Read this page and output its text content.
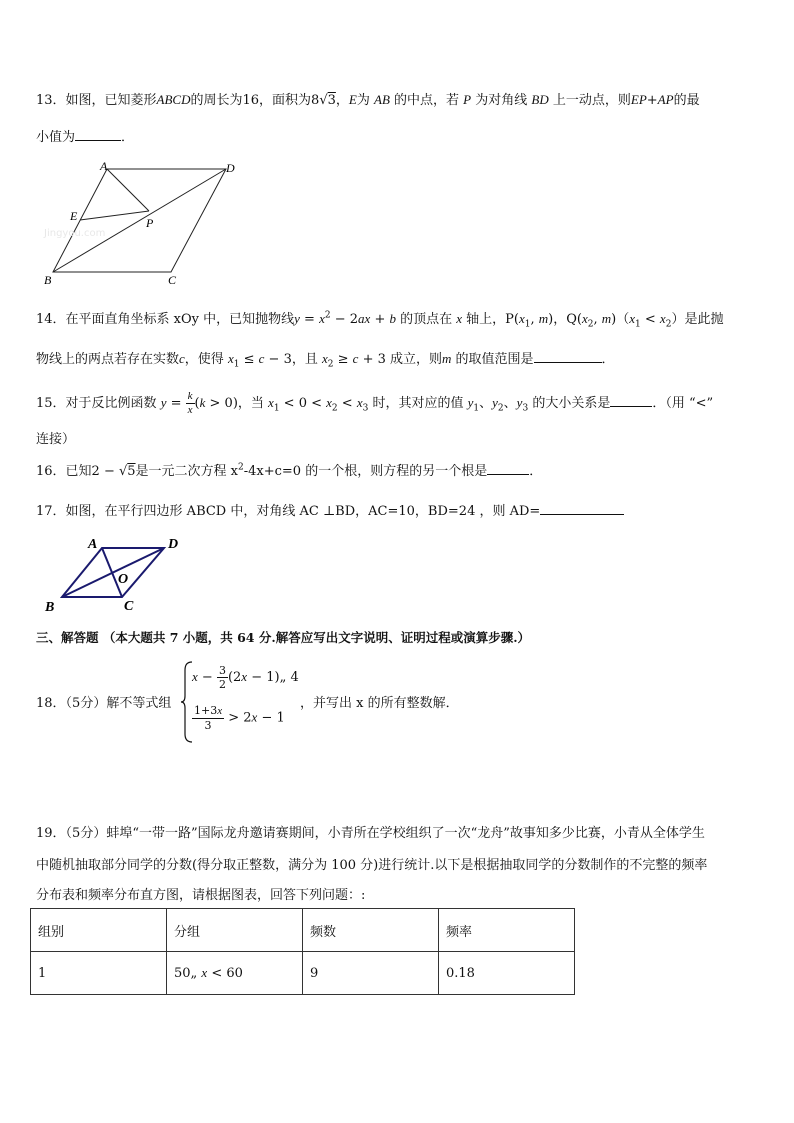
13．如图，已知菱形ABCD的周长为16，面积为8√3，E为 AB 的中点，若 P 为对角线 BD 上一动点，则EP+AP的最
小值为	．
A	D
E	P
B	C
Jingyou.com
14．在平面直角坐标系 xOy 中，已知抛物线$y = x^2 - 2ax + b$ 的顶点在 x 轴上，$P(x_1$, m)，$Q(x_2$, $m)(x_1 < x_2)$是此抛
物线上的两点若存在实数c，使得 $x_1 \le c - 3$，且 $x_2 \ge c + 3$ 成立，则m 的取值范围是	．
15．对于反比例函数 $y = \frac{k}{x} (k > 0)$，当 $x_1 < 0 < x_2 < x_3$ 时，其对应的值 $y_1$、$y_2$、$y_3$ 的大小关系是	．（用 “<”
连接）
16．已知2 − √5是一元二次方程 $x^2-4x+c=0$ 的一个根，则方程的另一个根是	．
17．如图，在平行四边形 ABCD 中，对角线 AC ⊥BD，AC=10，BD=24 ，则 AD=
A	D
O
B	C
三、解答题 （本大题共 7 小题，共 64 分.解答应写出文字说明、证明过程或演算步骤.）
18．（5分）解不等式组
$x - \frac{3}{2} (2x$ − 1)„ 4
$\frac{1+3x}{3} > 2x - 1$
，并写出 x 的所有整数解．
19．（5分）蚌埠“一带一路”国际龙舟邀请赛期间，小青所在学校组织了一次“龙舟”故事知多少比赛，小青从全体学生
中随机抽取部分同学的分数(得分取正整数，满分为 100 分)进行统计.以下是根据抽取同学的分数制作的不完整的频率
分布表和频率分布直方图，请根据图表，回答下列问题：:
组别	分组	频数	频率
1	50„ x < 60	9	0.18
